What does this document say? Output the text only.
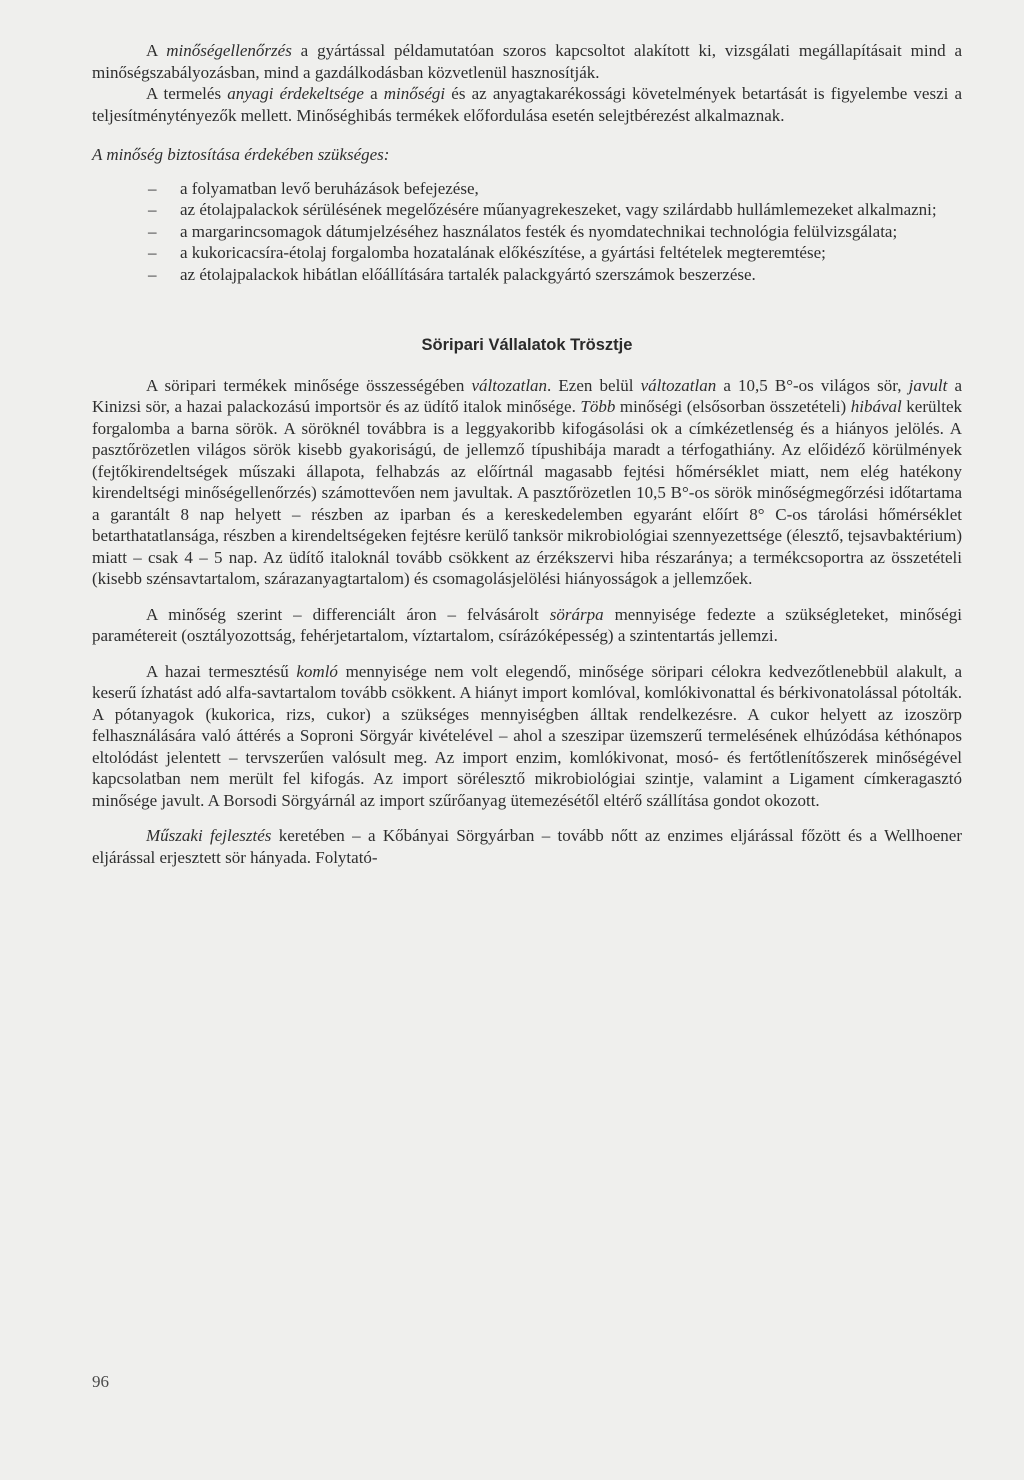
A minőségellenőrzés a gyártással példamutatóan szoros kapcsoltot alakított ki, vizsgálati megállapításait mind a minőségszabályozásban, mind a gazdálkodásban közvetlenül hasznosítják.

A termelés anyagi érdekeltsége a minőségi és az anyagtakarékossági követelmények betartását is figyelembe veszi a teljesítménytényezők mellett. Minőséghibás termékek előfordulása esetén selejtbérezést alkalmaznak.

A minőség biztosítása érdekében szükséges:

– a folyamatban levő beruházások befejezése,
– az étolajpalackok sérülésének megelőzésére műanyagrekeszeket, vagy szilárdabb hullámlemezeket alkalmazni;
– a margarincsomagok dátumjelzéséhez használatos festék és nyomdatechnikai technológia felülvizsgálata;
– a kukoricacsíra-étolaj forgalomba hozatalának előkészítése, a gyártási feltételek megteremtése;
– az étolajpalackok hibátlan előállítására tartalék palackgyártó szerszámok beszerzése.
Söripari Vállalatok Trösztje

A söripari termékek minősége összességében változatlan. Ezen belül változatlan a 10,5 B°-os világos sör, javult a Kinizsi sör, a hazai palackozású importsör és az üdítő italok minősége. Több minőségi (elsősorban összetételi) hibával kerültek forgalomba a barna sörök. A söröknél továbbra is a leggyakoribb kifogásolási ok a címkézetlenség és a hiányos jelölés. A pasztőrözetlen világos sörök kisebb gyakoriságú, de jellemző típushibája maradt a térfogathiány. Az előidéző körülmények (fejtőkirendeltségek műszaki állapota, felhabzás az előírtnál magasabb fejtési hőmérséklet miatt, nem elég hatékony kirendeltségi minőségellenőrzés) számottevően nem javultak. A pasztőrözetlen 10,5 B°-os sörök minőségmegőrzési időtartama a garantált 8 nap helyett – részben az iparban és a kereskedelemben egyaránt előírt 8° C-os tárolási hőmérséklet betarthatatlansága, részben a kirendeltségeken fejtésre kerülő tanksör mikrobiológiai szennyezettsége (élesztő, tejsavbaktérium) miatt – csak 4 – 5 nap. Az üdítő italoknál tovább csökkent az érzékszervi hiba részaránya; a termékcsoportra az összetételi (kisebb szénsavtartalom, szárazanyagtartalom) és csomagolásjelölési hiányosságok a jellemzőek.

A minőség szerint – differenciált áron – felvásárolt sörárpa mennyisége fedezte a szükségleteket, minőségi paramétereit (osztályozottság, fehérjetartalom, víztartalom, csírázóképesség) a szintentartás jellemzi.

A hazai termesztésű komló mennyisége nem volt elegendő, minősége söripari célokra kedvezőtlenebbül alakult, a keserű ízhatást adó alfa-savtartalom tovább csökkent. A hiányt import komlóval, komlókivonattal és bérkivonatolással pótolták. A pótanyagok (kukorica, rizs, cukor) a szükséges mennyiségben álltak rendelkezésre. A cukor helyett az izoszörp felhasználására való áttérés a Soproni Sörgyár kivételével – ahol a szeszipar üzemszerű termelésének elhúzódása kéthónapos eltolódást jelentett – tervszerűen valósult meg. Az import enzim, komlókivonat, mosó- és fertőtlenítőszerek minőségével kapcsolatban nem merült fel kifogás. Az import sörélesztő mikrobiológiai szintje, valamint a Ligament címkeragasztó minősége javult. A Borsodi Sörgyárnál az import szűrőanyag ütemezésétől eltérő szállítása gondot okozott.

Műszaki fejlesztés keretében – a Kőbányai Sörgyárban – tovább nőtt az enzimes eljárással főzött és a Wellhoener eljárással erjesztett sör hányada. Folytató-

96
